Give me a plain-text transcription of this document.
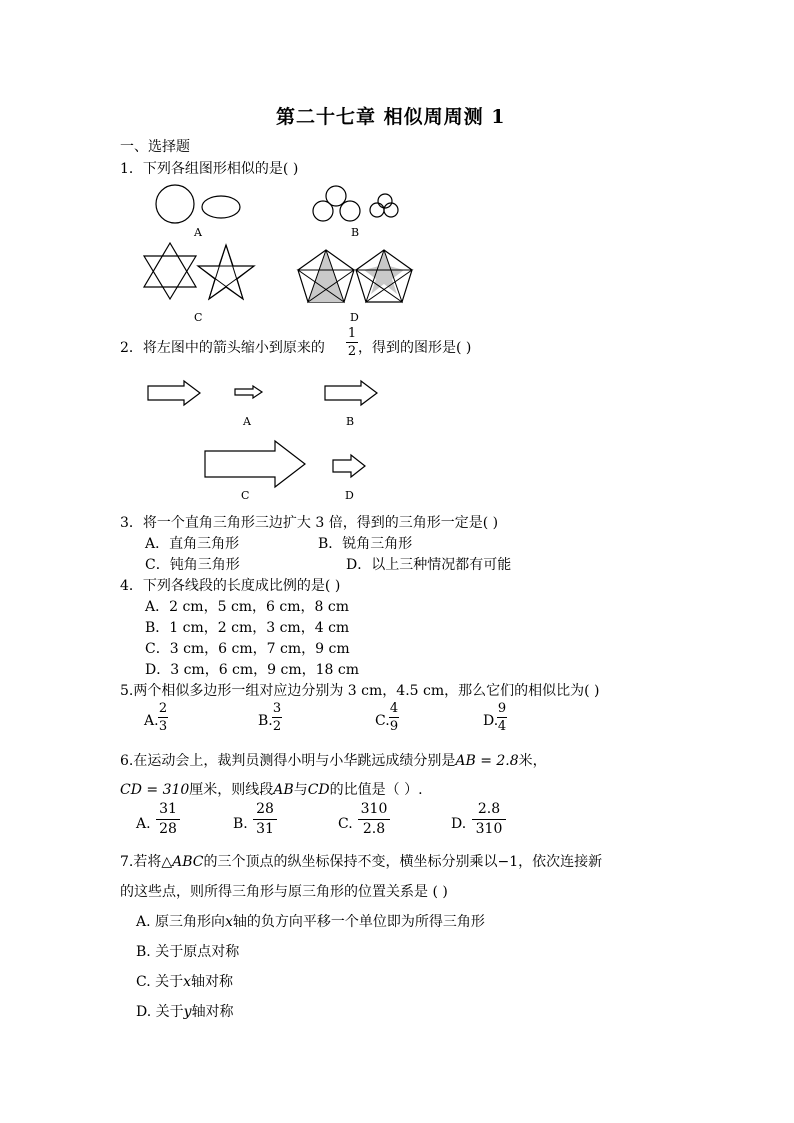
第二十七章 相似周周测 1
一、选择题
1．下列各组图形相似的是( )
A	B
C	D
2．将左图中的箭头缩小到原来的
1
2 ，得到的图形是( )
A	B
C	D
3．将一个直角三角形三边扩大 3 倍，得到的三角形一定是( )
A．直角三角形	B．锐角三角形
C．钝角三角形	D．以上三种情况都有可能
4．下列各线段的长度成比例的是( )
A．2 cm，5 cm，6 cm，8 cm
B．1 cm，2 cm，3 cm，4 cm
C．3 cm，6 cm，7 cm，9 cm
D．3 cm，6 cm，9 cm，18 cm
5.两个相似多边形一组对应边分别为 3 cm，4.5 cm，那么它们的相似比为( )
A.
2
3	B.
3
2	C.
4
9	D.
9
4
6.在运动会上，裁判员测得小明与小华跳远成绩分别是AB = 2.8米，
CD = 310厘米，则线段AB与CD的比值是（ ）.
A.
31
28	B.
28
31	C.
310
2.8	D.
2.8
310
7.若将△ABC的三个顶点的纵坐标保持不变，横坐标分别乘以−1，依次连接新
的这些点，则所得三角形与原三角形的位置关系是 ( )
A. 原三角形向x轴的负方向平移一个单位即为所得三角形
B. 关于原点对称
C. 关于x轴对称
D. 关于y轴对称
